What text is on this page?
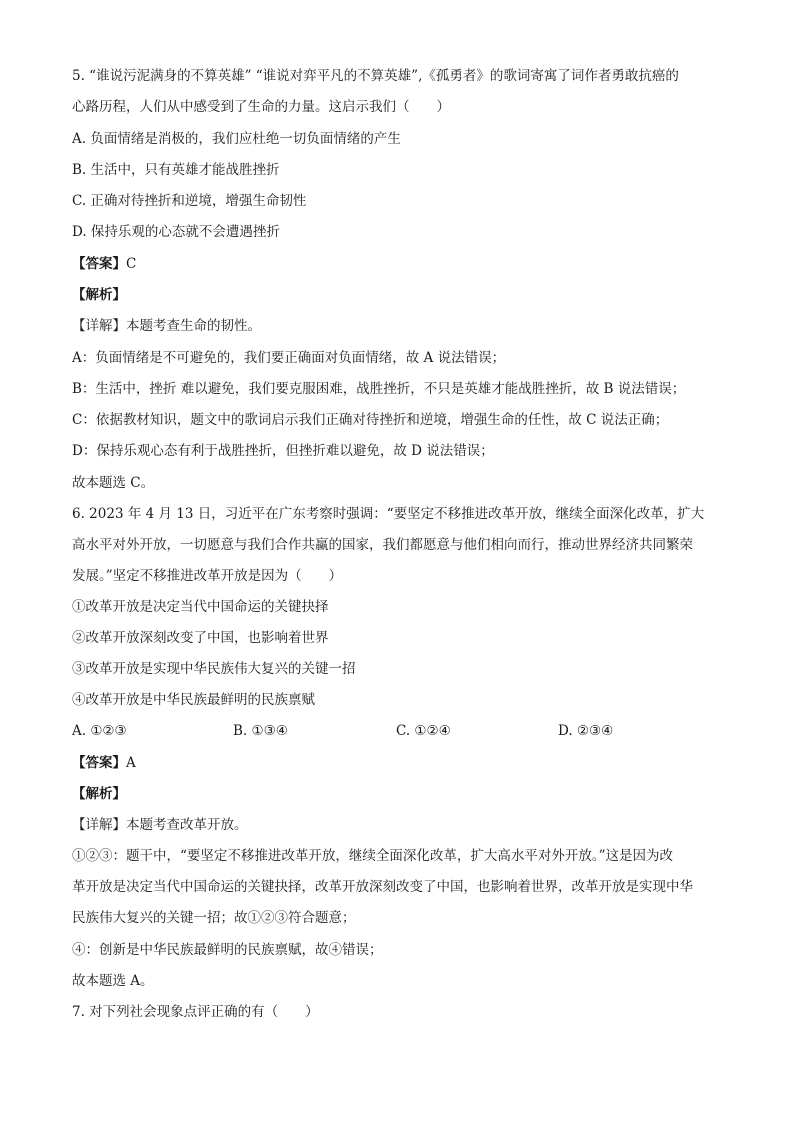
5. “谁说污泥满身的不算英雄” “谁说对弈平凡的不算英雄”,《孤勇者》的歌词寄寓了词作者勇敢抗癌的
心路历程，人们从中感受到了生命的力量。这启示我们（　　）
A. 负面情绪是消极的，我们应杜绝一切负面情绪的产生
B. 生活中，只有英雄才能战胜挫折
C. 正确对待挫折和逆境，增强生命韧性
D. 保持乐观的心态就不会遭遇挫折
【答案】C
【解析】
【详解】本题考查生命的韧性。
A：负面情绪是不可避免的，我们要正确面对负面情绪，故 A 说法错误；
B：生活中，挫折 难以避免，我们要克服困难，战胜挫折，不只是英雄才能战胜挫折，故 B 说法错误；
C：依据教材知识，题文中的歌词启示我们正确对待挫折和逆境，增强生命的任性，故 C 说法正确；
D：保持乐观心态有利于战胜挫折，但挫折难以避免，故 D 说法错误；
故本题选 C。
6. 2023 年 4 月 13 日，习近平在广东考察时强调：“要坚定不移推进改革开放，继续全面深化改革，扩大
高水平对外开放，一切愿意与我们合作共赢的国家，我们都愿意与他们相向而行，推动世界经济共同繁荣
发展。”坚定不移推进改革开放是因为（　　）
①改革开放是决定当代中国命运的关键抉择
②改革开放深刻改变了中国，也影响着世界
③改革开放是实现中华民族伟大复兴的关键一招
④改革开放是中华民族最鲜明的民族禀赋
A. ①②③	B. ①③④	C. ①②④	D. ②③④
【答案】A
【解析】
【详解】本题考查改革开放。
①②③：题干中，“要坚定不移推进改革开放，继续全面深化改革，扩大高水平对外开放。”这是因为改
革开放是决定当代中国命运的关键抉择，改革开放深刻改变了中国，也影响着世界，改革开放是实现中华
民族伟大复兴的关键一招；故①②③符合题意；
④：创新是中华民族最鲜明的民族禀赋，故④错误；
故本题选 A。
7. 对下列社会现象点评正确的有（　　）
